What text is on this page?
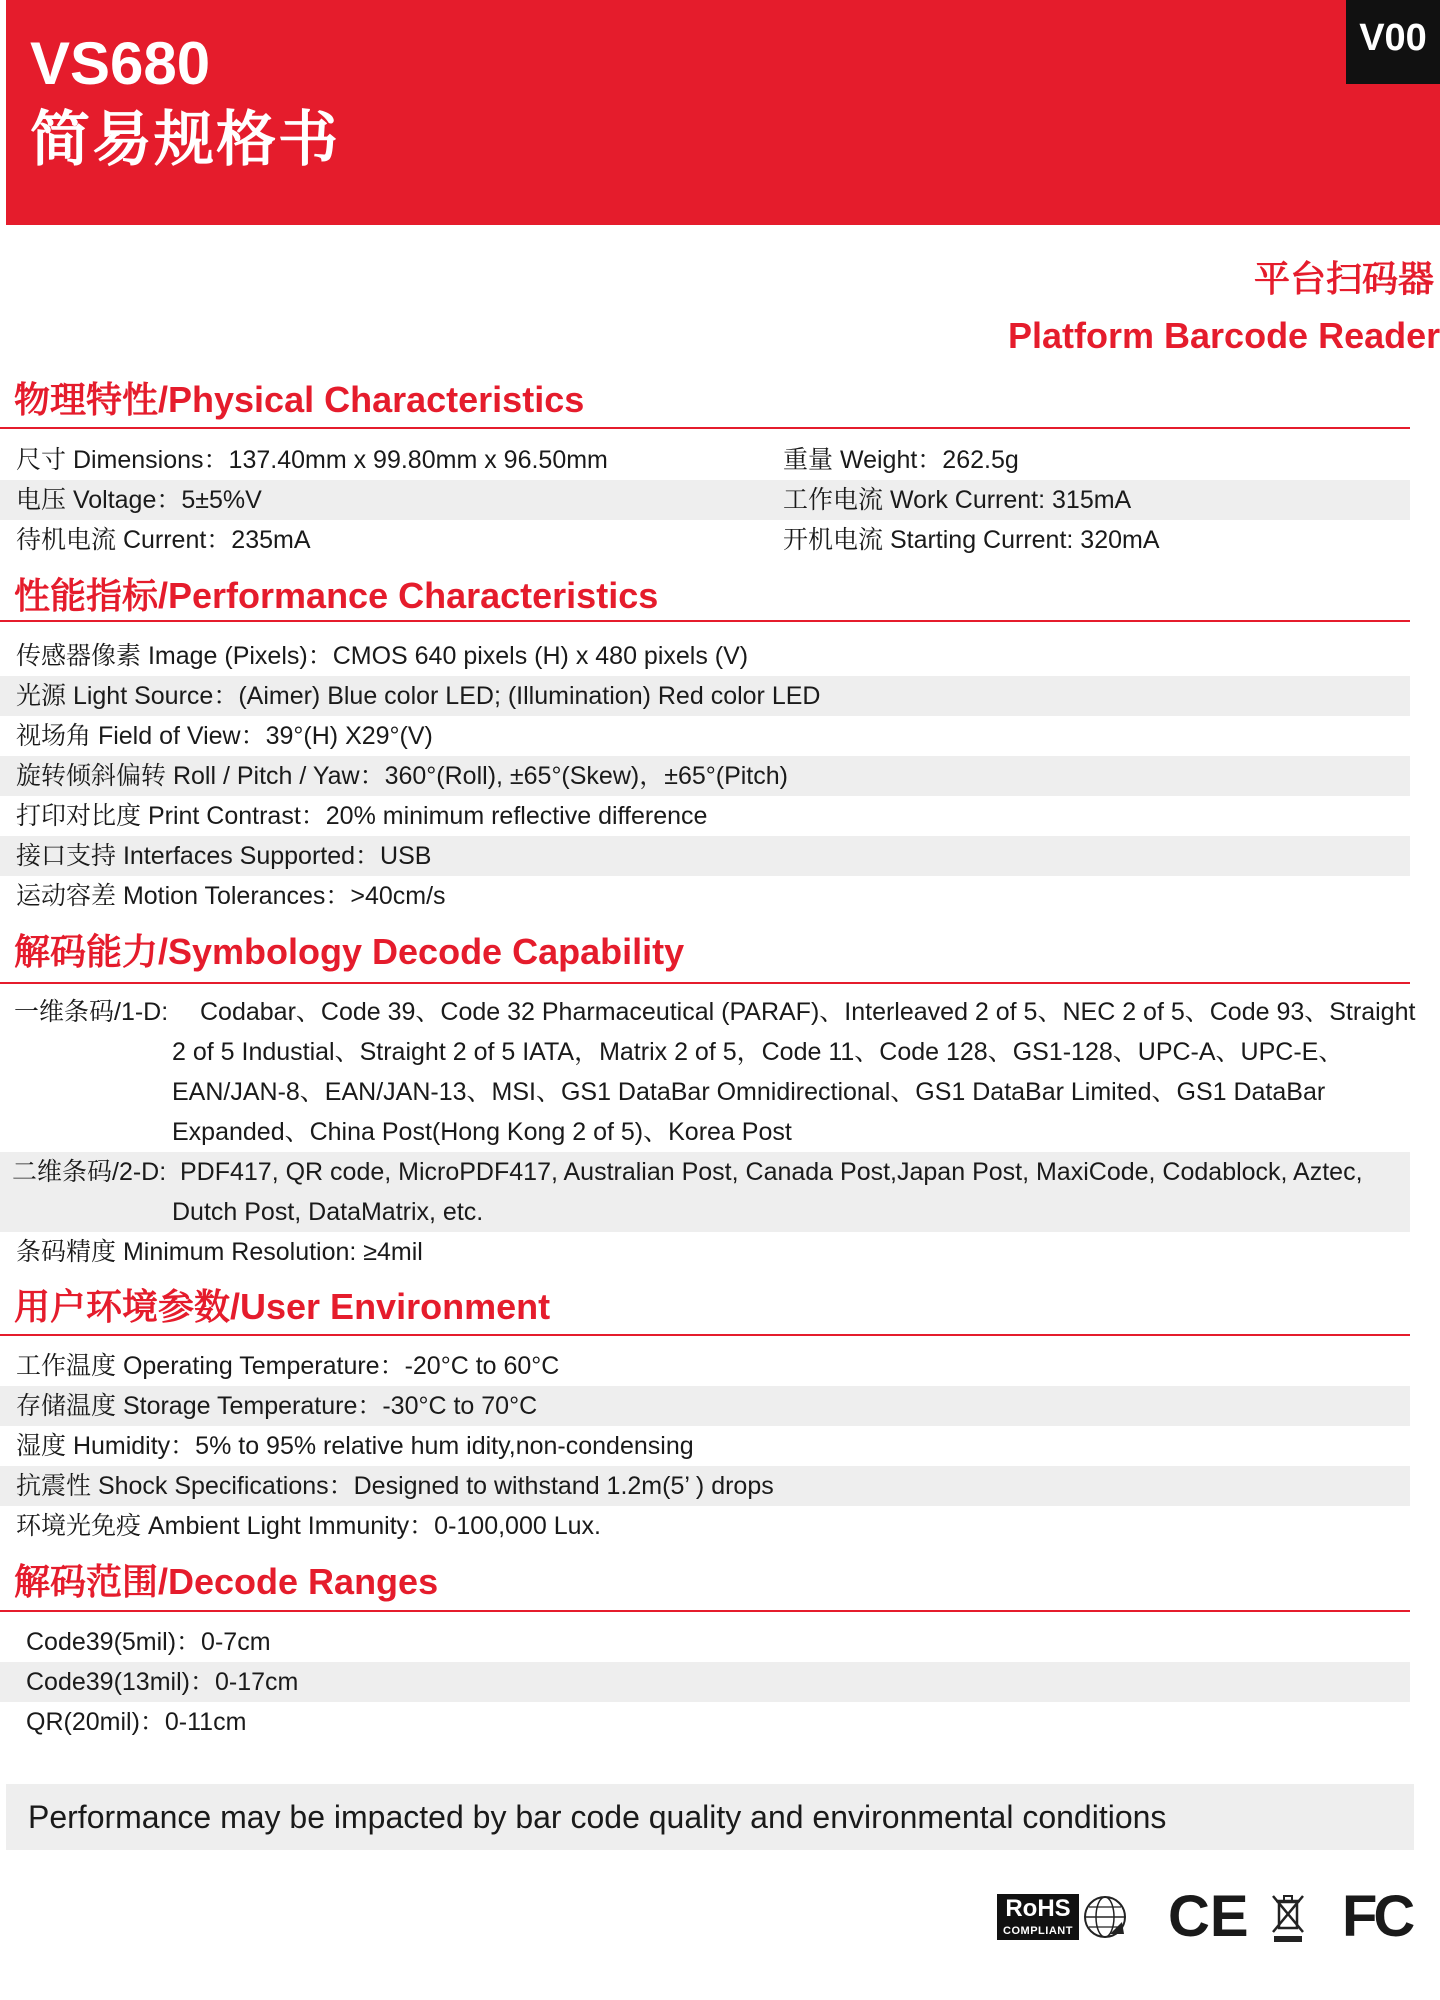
VS680
简易规格书
V00
平台扫码器
Platform Barcode Reader
物理特性/Physical Characteristics
尺寸 Dimensions：137.40mm x 99.80mm x 96.50mm	重量 Weight：262.5g
电压 Voltage：5±5%V	工作电流 Work Current: 315mA
待机电流 Current：235mA	开机电流 Starting Current: 320mA
性能指标/Performance Characteristics
传感器像素 Image (Pixels)：CMOS 640 pixels (H) x 480 pixels (V)
光源 Light Source：(Aimer) Blue color LED; (Illumination) Red color LED
视场角 Field of View：39°(H) X29°(V)
旋转倾斜偏转 Roll / Pitch / Yaw：360°(Roll), ±65°(Skew)，±65°(Pitch)
打印对比度 Print Contrast：20% minimum reflective difference
接口支持 Interfaces Supported：USB
运动容差 Motion Tolerances：>40cm/s
解码能力/Symbology Decode Capability
一维条码/1-D: Codabar、Code 39、Code 32 Pharmaceutical (PARAF)、Interleaved 2 of 5、NEC 2 of 5、Code 93、Straight
2 of 5 Industial、Straight 2 of 5 IATA，Matrix 2 of 5，Code 11、Code 128、GS1-128、UPC-A、UPC-E、
EAN/JAN-8、EAN/JAN-13、MSI、GS1 DataBar Omnidirectional、GS1 DataBar Limited、GS1 DataBar
Expanded、China Post(Hong Kong 2 of 5)、Korea Post
二维条码/2-D: PDF417, QR code, MicroPDF417, Australian Post, Canada Post,Japan Post, MaxiCode, Codablock, Aztec,
Dutch Post, DataMatrix, etc.
条码精度 Minimum Resolution: ≥4mil
用户环境参数/User Environment
工作温度 Operating Temperature：-20°C to 60°C
存储温度 Storage Temperature：-30°C to 70°C
湿度 Humidity：5% to 95% relative hum idity,non-condensing
抗震性 Shock Specifications：Designed to withstand 1.2m(5’ ) drops
环境光免疫 Ambient Light Immunity：0-100,000 Lux.
解码范围/Decode Ranges
Code39(5mil)：0-7cm
Code39(13mil)：0-17cm
QR(20mil)：0-11cm
Performance may be impacted by bar code quality and environmental conditions
RoHS
COMPLIANT CE FC
